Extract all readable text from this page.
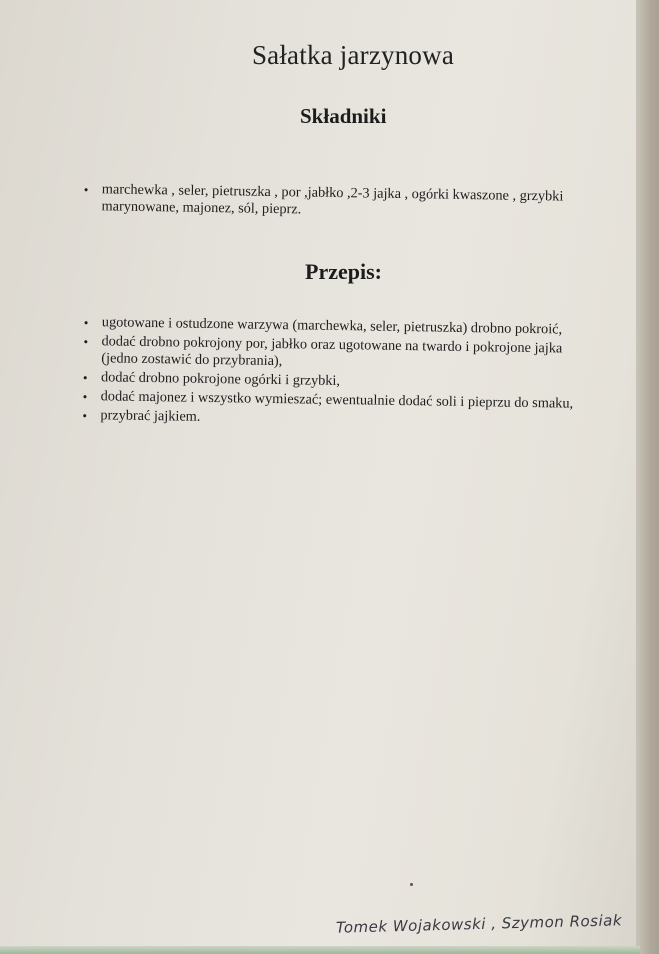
Sałatka jarzynowa
Składniki
• marchewka , seler, pietruszka , por ,jabłko ,2-3 jajka , ogórki kwaszone , grzybki marynowane, majonez, sól, pieprz.
Przepis:
• ugotowane i ostudzone warzywa (marchewka, seler, pietruszka) drobno pokroić,
• dodać drobno pokrojony por, jabłko oraz ugotowane na twardo i pokrojone jajka (jedno zostawić do przybrania),
• dodać drobno pokrojone ogórki i grzybki,
• dodać majonez i wszystko wymieszać; ewentualnie dodać soli i pieprzu do smaku,
• przybrać jajkiem.
Tomek Wojakowski , Szymon Rosiak
